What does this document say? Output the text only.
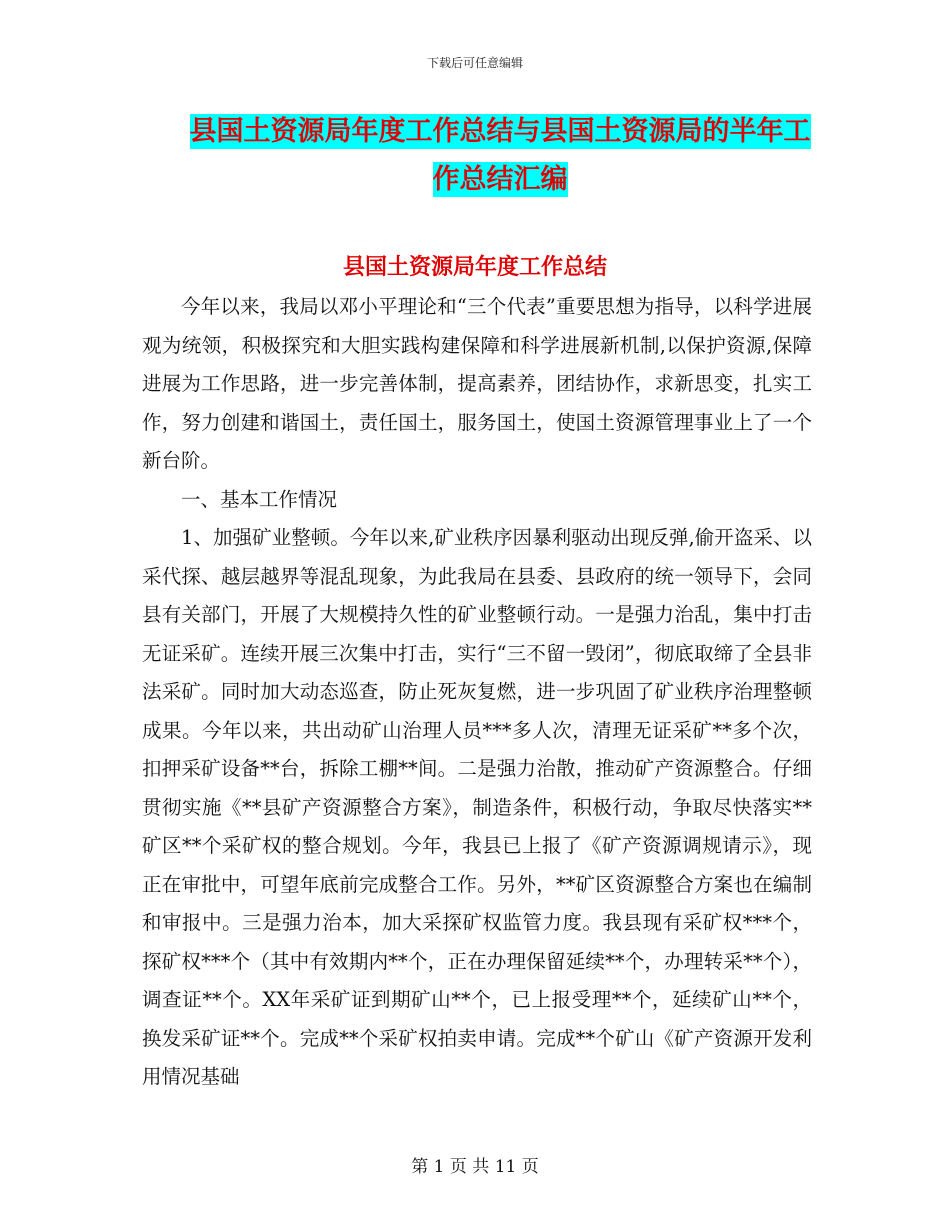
下载后可任意编辑
县国土资源局年度工作总结与县国土资源局的半年工
作总结汇编
县国土资源局年度工作总结

今年以来，我局以邓小平理论和“三个代表”重要思想为指导，以科学进展观为统领，积极探究和大胆实践构建保障和科学进展新机制,以保护资源,保障进展为工作思路，进一步完善体制，提高素养，团结协作，求新思变，扎实工作，努力创建和谐国土，责任国土，服务国土，使国土资源管理事业上了一个新台阶。

一、基本工作情况

1、加强矿业整顿。今年以来,矿业秩序因暴利驱动出现反弹,偷开盗采、以采代探、越层越界等混乱现象，为此我局在县委、县政府的统一领导下，会同县有关部门，开展了大规模持久性的矿业整顿行动。一是强力治乱，集中打击无证采矿。连续开展三次集中打击，实行“三不留一毁闭”，彻底取缔了全县非法采矿。同时加大动态巡查，防止死灰复燃，进一步巩固了矿业秩序治理整顿成果。今年以来，共出动矿山治理人员***多人次，清理无证采矿**多个次，扣押采矿设备**台，拆除工棚**间。二是强力治散，推动矿产资源整合。仔细贯彻实施《**县矿产资源整合方案》，制造条件，积极行动，争取尽快落实**矿区**个采矿权的整合规划。今年，我县已上报了《矿产资源调规请示》，现正在审批中，可望年底前完成整合工作。另外，**矿区资源整合方案也在编制和审报中。三是强力治本，加大采探矿权监管力度。我县现有采矿权***个，探矿权***个（其中有效期内**个，正在办理保留延续**个，办理转采**个），调查证**个。XX年采矿证到期矿山**个，已上报受理**个，延续矿山**个，换发采矿证**个。完成**个采矿权拍卖申请。完成**个矿山《矿产资源开发利用情况基础

第 1 页 共 11 页
